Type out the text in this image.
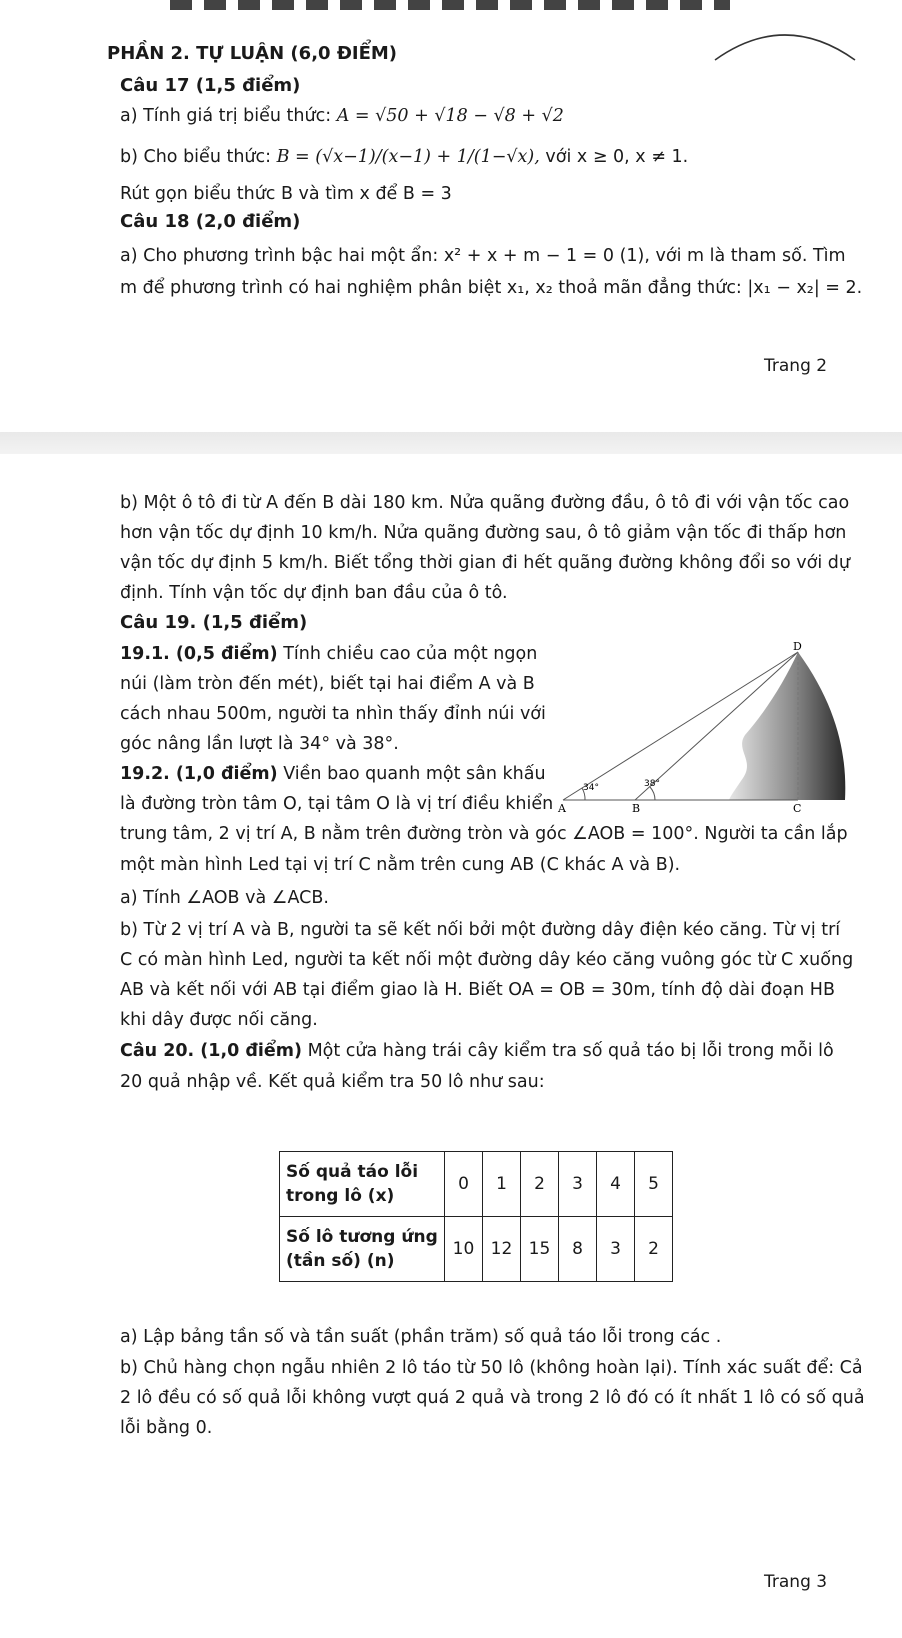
PHẦN 2. TỰ LUẬN (6,0 ĐIỂM)
Câu 17 (1,5 điểm)
a) Tính giá trị biểu thức: A = √50 + √18 − √8 + √2
b) Cho biểu thức: B = (√x−1)/(x−1) + 1/(1−√x), với x ≥ 0, x ≠ 1.
Rút gọn biểu thức B và tìm x để B = 3
Câu 18 (2,0 điểm)
a) Cho phương trình bậc hai một ẩn: x² + x + m − 1 = 0 (1), với m là tham số. Tìm
m để phương trình có hai nghiệm phân biệt x₁, x₂ thoả mãn đẳng thức: |x₁ − x₂| = 2.
Trang 2
b) Một ô tô đi từ A đến B dài 180 km. Nửa quãng đường đầu, ô tô đi với vận tốc cao
hơn vận tốc dự định 10 km/h. Nửa quãng đường sau, ô tô giảm vận tốc đi thấp hơn
vận tốc dự định 5 km/h. Biết tổng thời gian đi hết quãng đường không đổi so với dự
định. Tính vận tốc dự định ban đầu của ô tô.
Câu 19. (1,5 điểm)
19.1. (0,5 điểm) Tính chiều cao của một ngọn
núi (làm tròn đến mét), biết tại hai điểm A và B
cách nhau 500m, người ta nhìn thấy đỉnh núi với
góc nâng lần lượt là 34° và 38°.
19.2. (1,0 điểm) Viền bao quanh một sân khấu
là đường tròn tâm O, tại tâm O là vị trí điều khiển
D
A	B	C
34°	38°
trung tâm, 2 vị trí A, B nằm trên đường tròn và góc ∠AOB = 100°. Người ta cần lắp
một màn hình Led tại vị trí C nằm trên cung AB (C khác A và B).
a) Tính ∠AOB và ∠ACB.
b) Từ 2 vị trí A và B, người ta sẽ kết nối bởi một đường dây điện kéo căng. Từ vị trí
C có màn hình Led, người ta kết nối một đường dây kéo căng vuông góc từ C xuống
AB và kết nối với AB tại điểm giao là H. Biết OA = OB = 30m, tính độ dài đoạn HB
khi dây được nối căng.
Câu 20. (1,0 điểm) Một cửa hàng trái cây kiểm tra số quả táo bị lỗi trong mỗi lô
20 quả nhập về. Kết quả kiểm tra 50 lô như sau:
Số quả táo lỗi
trong lô (x)	0	1	2	3	4	5
Số lô tương ứng
(tần số) (n)	10	12	15	8	3	2
a) Lập bảng tần số và tần suất (phần trăm) số quả táo lỗi trong các .
b) Chủ hàng chọn ngẫu nhiên 2 lô táo từ 50 lô (không hoàn lại). Tính xác suất để: Cả
2 lô đều có số quả lỗi không vượt quá 2 quả và trong 2 lô đó có ít nhất 1 lô có số quả
lỗi bằng 0.
Trang 3
